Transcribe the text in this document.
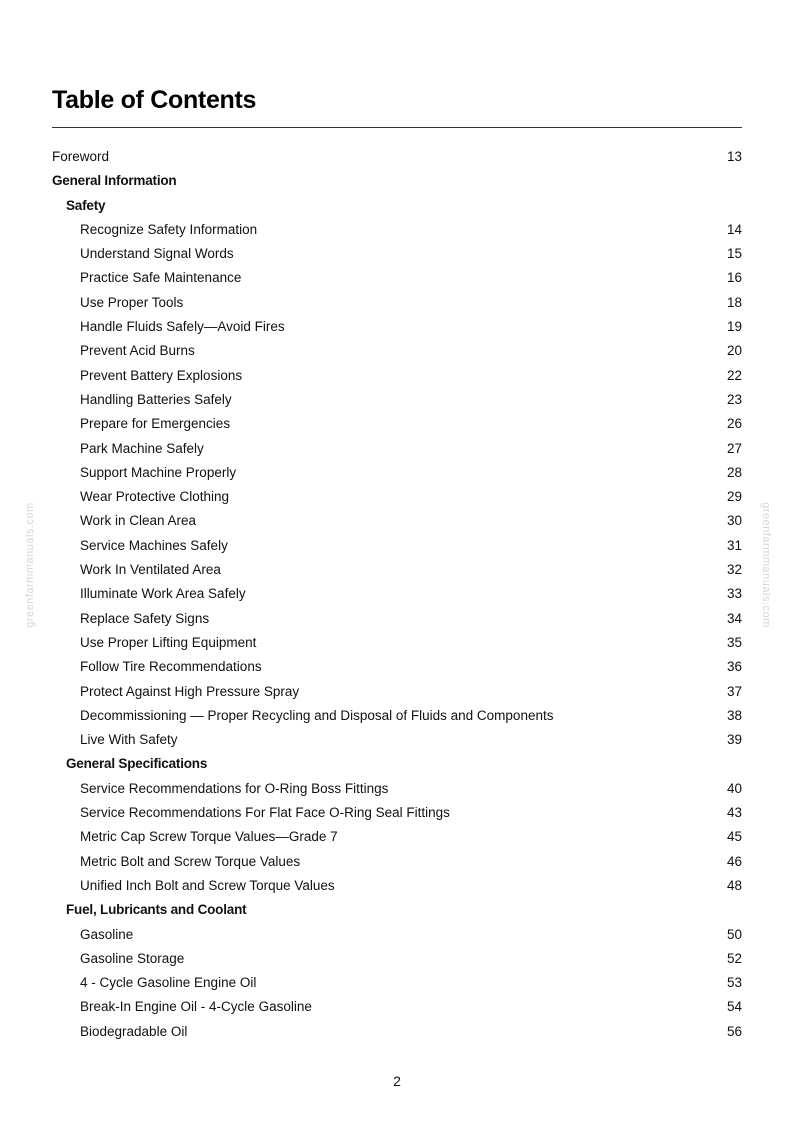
Table of Contents
Foreword	13
General Information
Safety
Recognize Safety Information	14
Understand Signal Words	15
Practice Safe Maintenance	16
Use Proper Tools	18
Handle Fluids Safely—Avoid Fires	19
Prevent Acid Burns	20
Prevent Battery Explosions	22
Handling Batteries Safely	23
Prepare for Emergencies	26
Park Machine Safely	27
Support Machine Properly	28
Wear Protective Clothing	29
Work in Clean Area	30
Service Machines Safely	31
Work In Ventilated Area	32
Illuminate Work Area Safely	33
Replace Safety Signs	34
Use Proper Lifting Equipment	35
Follow Tire Recommendations	36
Protect Against High Pressure Spray	37
Decommissioning — Proper Recycling and Disposal of Fluids and Components	38
Live With Safety	39
General Specifications
Service Recommendations for O-Ring Boss Fittings	40
Service Recommendations For Flat Face O-Ring Seal Fittings	43
Metric Cap Screw Torque Values—Grade 7	45
Metric Bolt and Screw Torque Values	46
Unified Inch Bolt and Screw Torque Values	48
Fuel, Lubricants and Coolant
Gasoline	50
Gasoline Storage	52
4 - Cycle Gasoline Engine Oil	53
Break-In Engine Oil - 4-Cycle Gasoline	54
Biodegradable Oil	56
greenfarmmanuals.com	greenfarmmanuals.com
2
